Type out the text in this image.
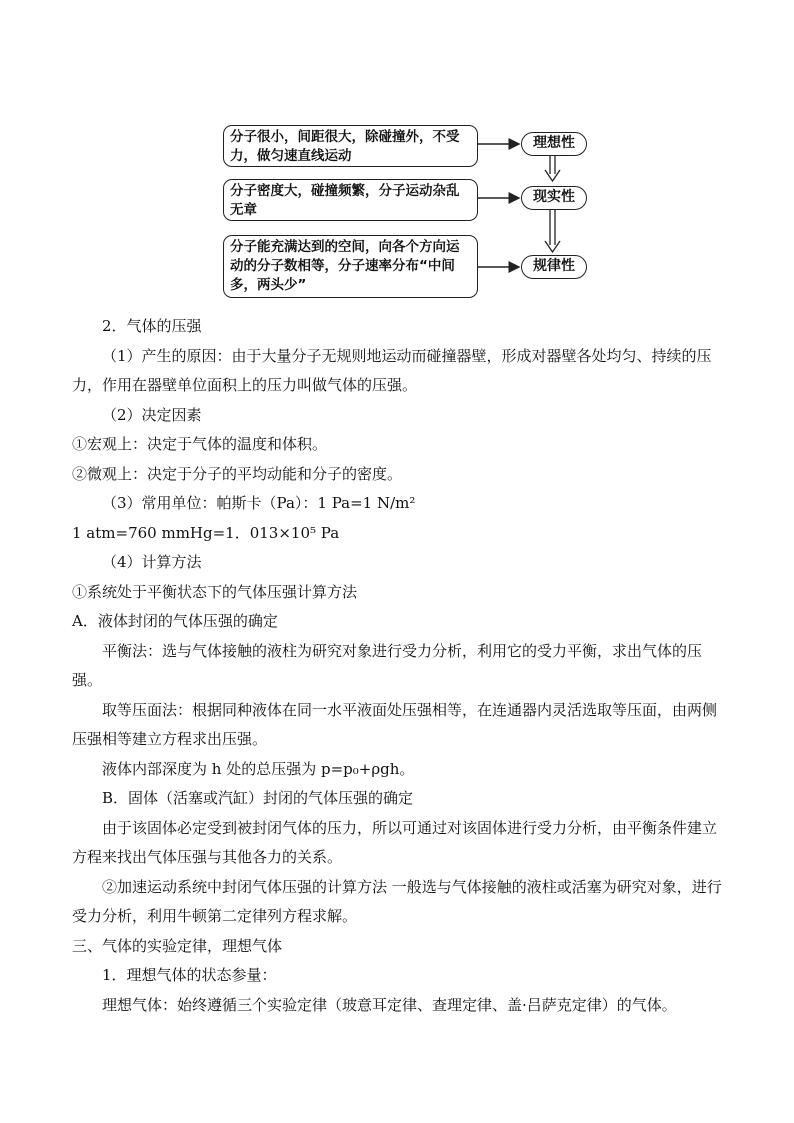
分子很小，间距很大，除碰撞外，不受力，做匀速直线运动
分子密度大，碰撞频繁，分子运动杂乱无章
分子能充满达到的空间，向各个方向运动的分子数相等，分子速率分布“中间多，两头少”
理想性
现实性
规律性

2．气体的压强

（1）产生的原因：由于大量分子无规则地运动而碰撞器壁，形成对器壁各处均匀、持续的压力，作用在器壁单位面积上的压力叫做气体的压强。

（2）决定因素

①宏观上：决定于气体的温度和体积。

②微观上：决定于分子的平均动能和分子的密度。

（3）常用单位：帕斯卡（Pa）：1 Pa=1 N/m²

1 atm=760 mmHg=1．013×10⁵ Pa

（4）计算方法

①系统处于平衡状态下的气体压强计算方法

A．液体封闭的气体压强的确定

平衡法：选与气体接触的液柱为研究对象进行受力分析，利用它的受力平衡，求出气体的压强。

取等压面法：根据同种液体在同一水平液面处压强相等，在连通器内灵活选取等压面，由两侧压强相等建立方程求出压强。

液体内部深度为 h 处的总压强为 p=p₀+ρgh。

B．固体（活塞或汽缸）封闭的气体压强的确定

由于该固体必定受到被封闭气体的压力，所以可通过对该固体进行受力分析，由平衡条件建立方程来找出气体压强与其他各力的关系。

②加速运动系统中封闭气体压强的计算方法 一般选与气体接触的液柱或活塞为研究对象，进行受力分析，利用牛顿第二定律列方程求解。

三、气体的实验定律，理想气体

1．理想气体的状态参量：

理想气体：始终遵循三个实验定律（玻意耳定律、查理定律、盖·吕萨克定律）的气体。
